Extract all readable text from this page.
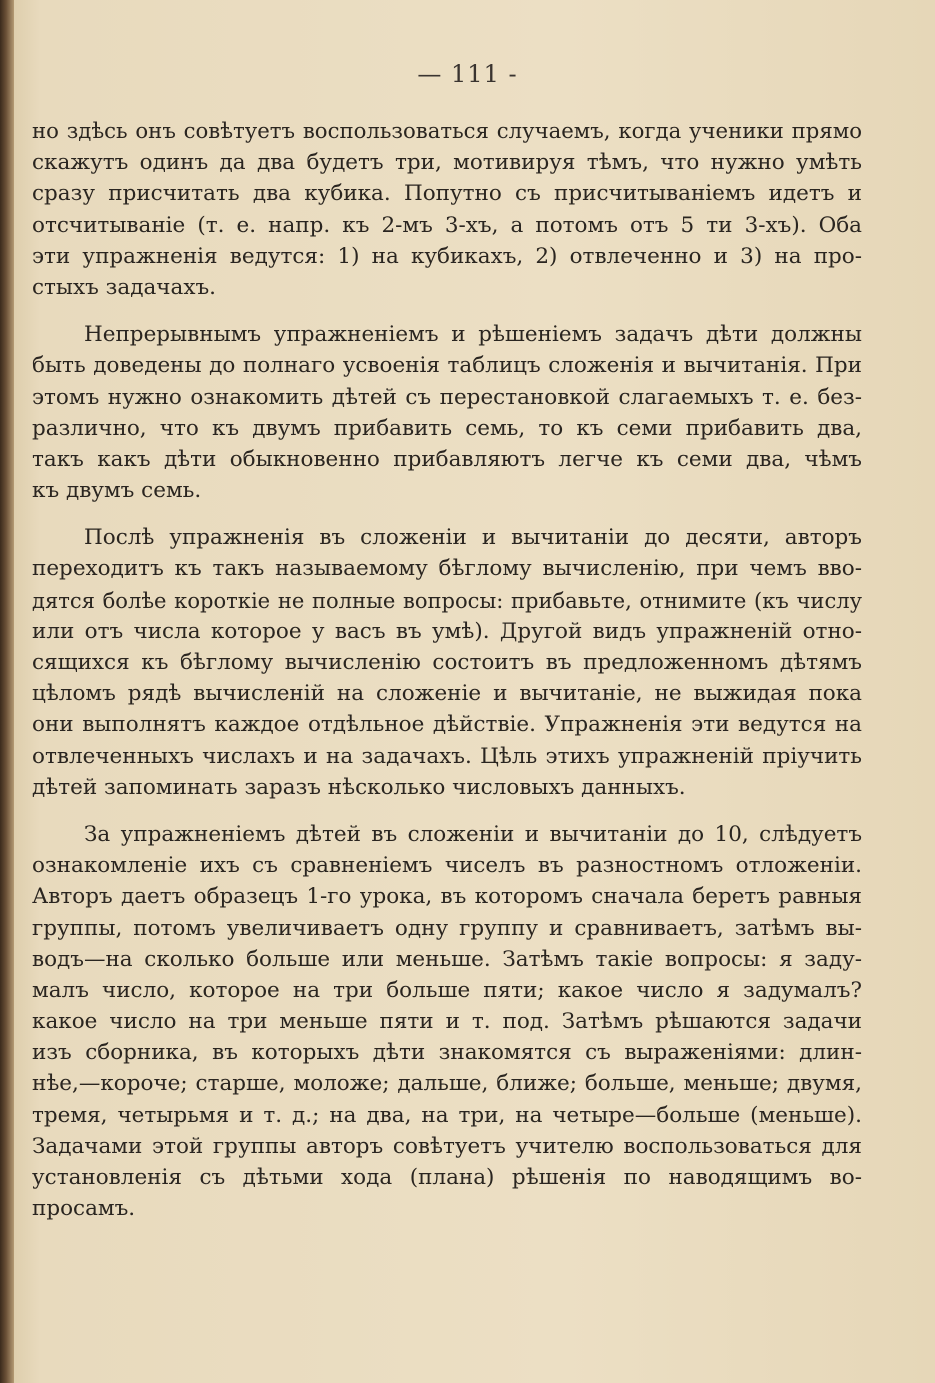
— 111 -
но здѣсь онъ совѣтуетъ воспользоваться случаемъ, когда ученики прямо
скажутъ одинъ да два будетъ три, мотивируя тѣмъ, что нужно умѣть
сразу присчитать два кубика. Попутно съ присчитываніемъ идетъ и
отсчитываніе (т. е. напр. къ 2-мъ 3-хъ, а потомъ отъ 5 ти 3-хъ). Оба
эти упражненія ведутся: 1) на кубикахъ, 2) отвлеченно и 3) на про-
стыхъ задачахъ.
Непрерывнымъ упражненіемъ и рѣшеніемъ задачъ дѣти должны
быть доведены до полнаго усвоенія таблицъ сложенія и вычитанія. При
этомъ нужно ознакомить дѣтей съ перестановкой слагаемыхъ т. е. без-
различно, что къ двумъ прибавить семь, то къ семи прибавить два,
такъ какъ дѣти обыкновенно прибавляютъ легче къ семи два, чѣмъ
къ двумъ семь.
Послѣ упражненія въ сложеніи и вычитаніи до десяти, авторъ
переходитъ къ такъ называемому бѣглому вычисленію, при чемъ вво-
дятся болѣе короткіе не полные вопросы: прибавьте, отнимите (къ числу
или отъ числа которое у васъ въ умѣ). Другой видъ упражненій отно-
сящихся къ бѣглому вычисленію состоитъ въ предложенномъ дѣтямъ
цѣломъ рядѣ вычисленій на сложеніе и вычитаніе, не выжидая пока
они выполнятъ каждое отдѣльное дѣйствіе. Упражненія эти ведутся на
отвлеченныхъ числахъ и на задачахъ. Цѣль этихъ упражненій пріучить
дѣтей запоминать заразъ нѣсколько числовыхъ данныхъ.
За упражненіемъ дѣтей въ сложеніи и вычитаніи до 10, слѣдуетъ
ознакомленіе ихъ съ сравненіемъ чиселъ въ разностномъ отложеніи.
Авторъ даетъ образецъ 1-го урока, въ которомъ сначала беретъ равныя
группы, потомъ увеличиваетъ одну группу и сравниваетъ, затѣмъ вы-
водъ—на сколько больше или меньше. Затѣмъ такіе вопросы: я заду-
малъ число, которое на три больше пяти; какое число я задумалъ?
какое число на три меньше пяти и т. под. Затѣмъ рѣшаются задачи
изъ сборника, въ которыхъ дѣти знакомятся съ выраженіями: длин-
нѣе,—короче; старше, моложе; дальше, ближе; больше, меньше; двумя,
тремя, четырьмя и т. д.; на два, на три, на четыре—больше (меньше).
Задачами этой группы авторъ совѣтуетъ учителю воспользоваться для
установленія съ дѣтьми хода (плана) рѣшенія по наводящимъ во-
просамъ.
